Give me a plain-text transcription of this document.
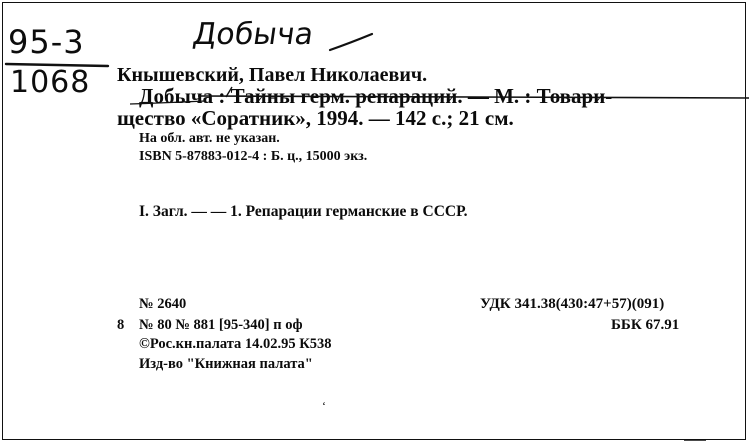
95-3
1068
Добыча
Кнышевский, Павел Николаевич.
Добыча : Тайны герм. репараций. — М. : Товари-
щество «Соратник», 1994. — 142 с.; 21 см.
На обл. авт. не указан.
ISBN 5-87883-012-4 : Б. ц., 15000 экз.
I. Загл. — — 1. Репарации германские в СССР.
№ 2640
8 № 80 № 881 [95-340] п оф
©Рос.кн.палата 14.02.95 К538
Изд-во "Книжная палата"
УДК 341.38(430:47+57)(091)
ББК 67.91
‘
